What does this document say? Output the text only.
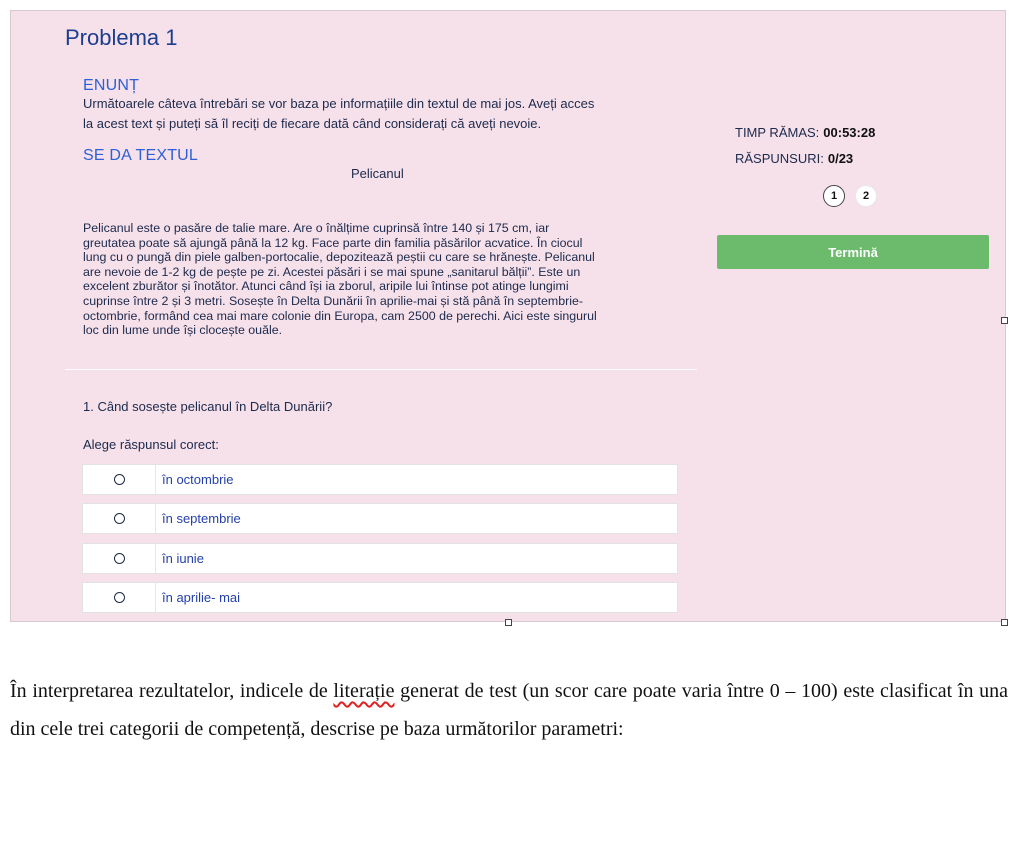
Problema 1
ENUNȚ
Următoarele câteva întrebări se vor baza pe informațiile din textul de mai jos. Aveți acces
la acest text și puteți să îl reciți de fiecare dată când considerați că aveți nevoie.
SE DA TEXTUL
Pelicanul
Pelicanul este o pasăre de talie mare. Are o înălțime cuprinsă între 140 și 175 cm, iar
greutatea poate să ajungă până la 12 kg. Face parte din familia păsărilor acvatice. În ciocul
lung cu o pungă din piele galben-portocalie, depozitează peștii cu care se hrănește. Pelicanul
are nevoie de 1-2 kg de pește pe zi. Acestei păsări i se mai spune „sanitarul bălții”. Este un
excelent zburător și înotător. Atunci când își ia zborul, aripile lui întinse pot atinge lungimi
cuprinse între 2 și 3 metri. Sosește în Delta Dunării în aprilie-mai și stă până în septembrie-
octombrie, formând cea mai mare colonie din Europa, cam 2500 de perechi. Aici este singurul
loc din lume unde își clocește ouăle.
1. Când sosește pelicanul în Delta Dunării?
Alege răspunsul corect:
în octombrie
în septembrie
în iunie
în aprilie- mai
TIMP RĂMAS: 00:53:28
RĂSPUNSURI: 0/23
1	2
Termină
În interpretarea rezultatelor, indicele de literație generat de test (un scor care poate varia între 0 – 100) este clasificat în una din cele trei categorii de competență, descrise pe baza următorilor parametri:
